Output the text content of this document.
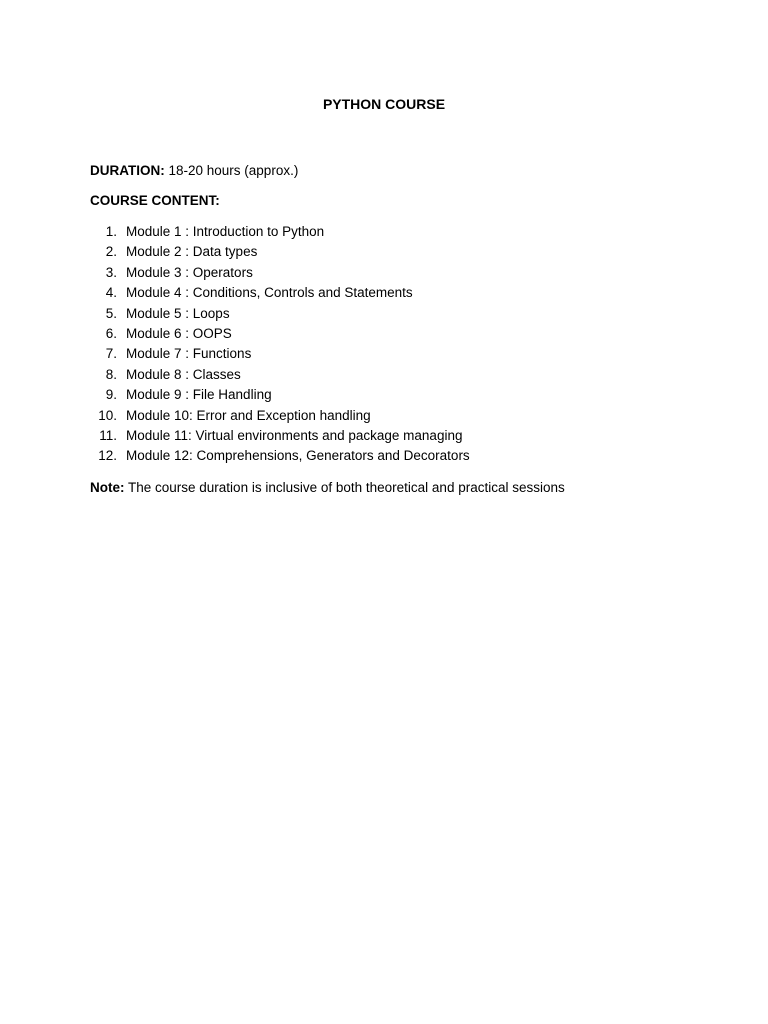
PYTHON COURSE
DURATION: 18-20 hours (approx.)
COURSE CONTENT:
1. Module 1 : Introduction to Python
2. Module 2 : Data types
3. Module 3 : Operators
4. Module 4 : Conditions, Controls and Statements
5. Module 5 : Loops
6. Module 6 : OOPS
7. Module 7 : Functions
8. Module 8 : Classes
9. Module 9 : File Handling
10. Module 10: Error and Exception handling
11. Module 11: Virtual environments and package managing
12. Module 12: Comprehensions, Generators and Decorators
Note: The course duration is inclusive of both theoretical and practical sessions
